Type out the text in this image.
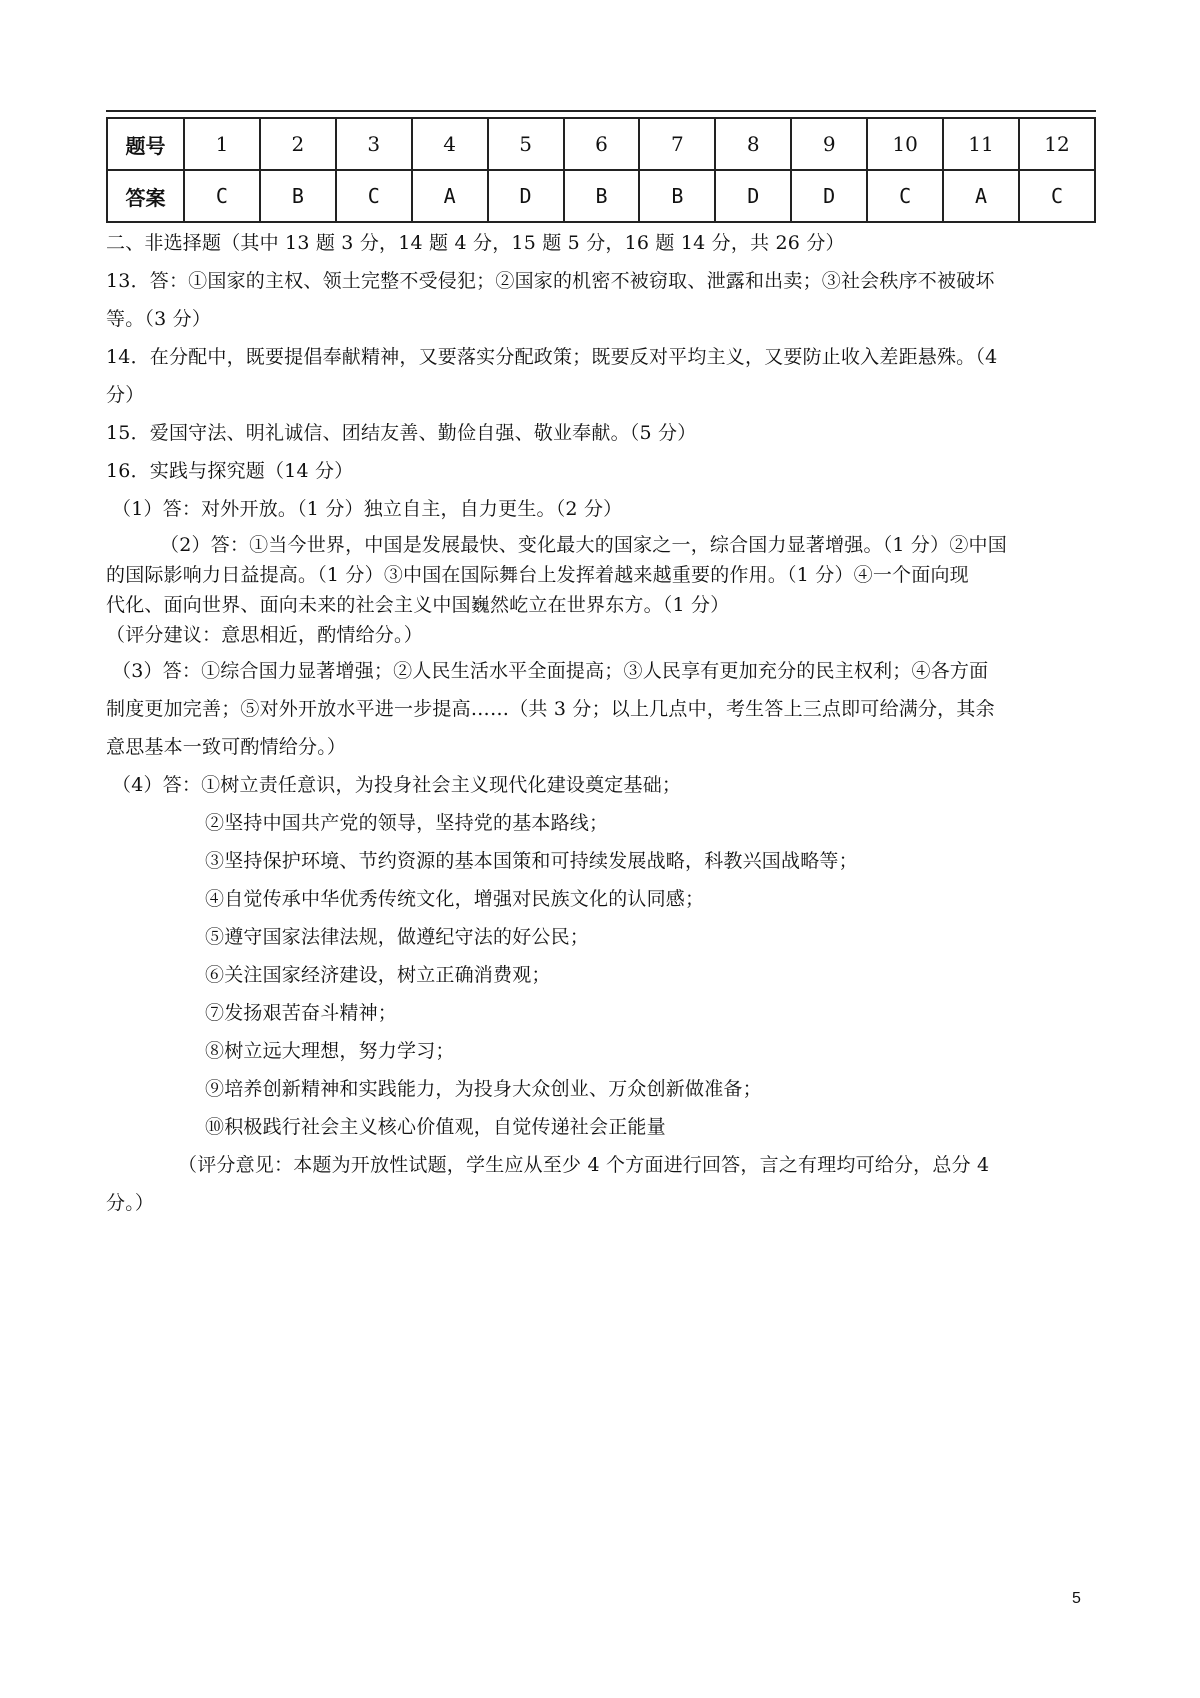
题号	1	2	3	4	5	6	7	8	9	10	11	12
答案	C	B	C	A	D	B	B	D	D	C	A	C
二、非选择题（其中 13 题 3 分，14 题 4 分，15 题 5 分，16 题 14 分，共 26 分）
13．答：①国家的主权、领土完整不受侵犯；②国家的机密不被窃取、泄露和出卖；③社会秩序不被破坏
等。（3 分）
14．在分配中，既要提倡奉献精神，又要落实分配政策；既要反对平均主义，又要防止收入差距悬殊。（4
分）
15．爱国守法、明礼诚信、团结友善、勤俭自强、敬业奉献。（5 分）
16．实践与探究题（14 分）
（1）答：对外开放。（1 分）独立自主，自力更生。（2 分）
（2）答：①当今世界，中国是发展最快、变化最大的国家之一，综合国力显著增强。（1 分）②中国
的国际影响力日益提高。（1 分）③中国在国际舞台上发挥着越来越重要的作用。（1 分）④一个面向现
代化、面向世界、面向未来的社会主义中国巍然屹立在世界东方。（1 分）
（评分建议：意思相近，酌情给分。）
（3）答：①综合国力显著增强；②人民生活水平全面提高；③人民享有更加充分的民主权利；④各方面
制度更加完善；⑤对外开放水平进一步提高……（共 3 分；以上几点中，考生答上三点即可给满分，其余
意思基本一致可酌情给分。）
（4）答：①树立责任意识，为投身社会主义现代化建设奠定基础；
②坚持中国共产党的领导，坚持党的基本路线；
③坚持保护环境、节约资源的基本国策和可持续发展战略，科教兴国战略等；
④自觉传承中华优秀传统文化，增强对民族文化的认同感；
⑤遵守国家法律法规，做遵纪守法的好公民；
⑥关注国家经济建设，树立正确消费观；
⑦发扬艰苦奋斗精神；
⑧树立远大理想，努力学习；
⑨培养创新精神和实践能力，为投身大众创业、万众创新做准备；
⑩积极践行社会主义核心价值观，自觉传递社会正能量
（评分意见：本题为开放性试题，学生应从至少 4 个方面进行回答，言之有理均可给分，总分 4
分。）
5
